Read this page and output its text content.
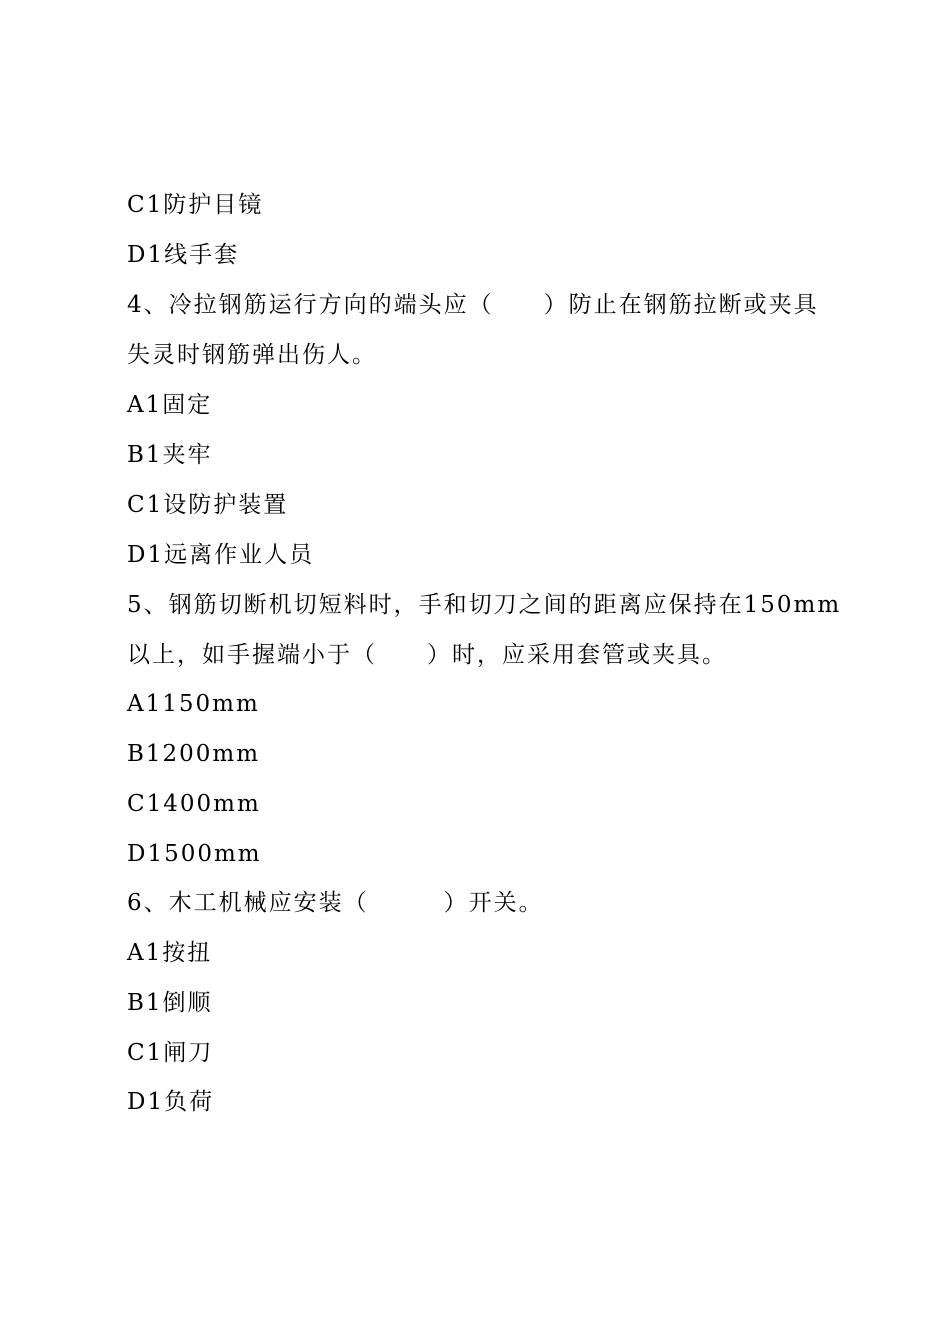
C1防护目镜
D1线手套
4、冷拉钢筋运行方向的端头应（　　）防止在钢筋拉断或夹具
失灵时钢筋弹出伤人。
A1固定
B1夹牢
C1设防护装置
D1远离作业人员
5、钢筋切断机切短料时，手和切刀之间的距离应保持在150mm
以上，如手握端小于（　　）时，应采用套管或夹具。
A1150mm
B1200mm
C1400mm
D1500mm
6、木工机械应安装（　　　）开关。
A1按扭
B1倒顺
C1闸刀
D1负荷
